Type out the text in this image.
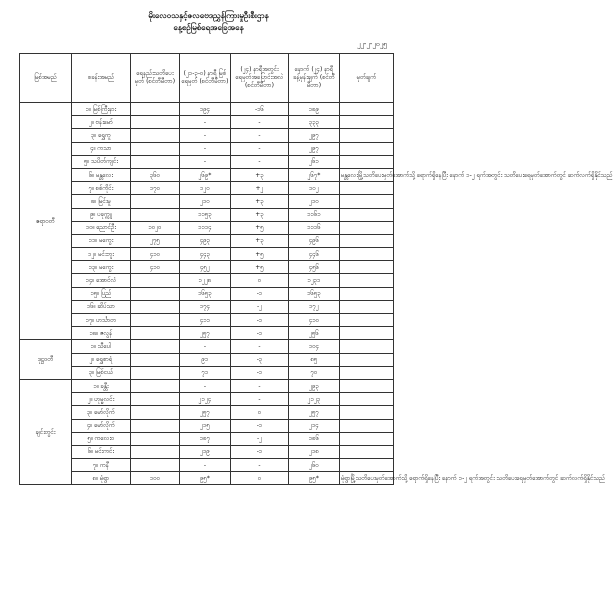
မိုးလေဝသနှင့်ဇလဗေဒညွှန်ကြားမှုဦးစီးဌာန
နေ့စဉ်မြစ်ရေအခြေအနေ
၂၂-၂-၂၀၂၅
မြစ်အမည်	စခန်းအမည်	ရေနည်းသတိပေးမှတ် (စင်တီမီတာ)	(၂၁-၃-၀) နာရီ မြစ်ရေမှတ် (စင်တီမီတာ)	(၂၄) နာရီအတွင်း ရေမှတ်အပြောင်းအလဲ (စင်တီမီတာ)	နောက် (၂၄) နာရီ ခန့်မှန်းချက် (စင်တီမီတာ)	မှတ်ချက်
ဧရာဝတီ	၁။ မြစ်ကြီးနား		၁၉၄	-၁၆	၁၈၉	
	၂။ ဗန်းမော်		-	-	၃၃၃	
	၃။ ရွှေကူ		-	-	၂၉၇	
	၄။ ကသာ		-	-	၂၉၇	
	၅။ သပိတ်ကျင်း		-	-	၂၆၁	
	၆။ မန္တလေး	၃၆၀	၂၆၉*	+၃	၂၆၇*	မန္တလေးမြို့သတိပေးမှတ်အောက်သို့ ရောက်ရှိနေပြီး နောက် ၁-၂ ရက်အတွင်း သတိပေးရေမှတ်အောက်တွင် ဆက်လက်ရှိနိုင်သည်
	၇။ စစ်ကိုင်း	၁၇၀	၁၂၀	+၂	၁၀၂	
	၈။ မြင်းမူ		၂၁၀	+၃	၂၁၀	
	၉။ ပခုက္ကူ		၁၁၅၃	+၃	၁၁၆၁	
	၁၀။ ညောင်ဦး	၁၀၂၀	၁၁၁၄	+၅	၁၁၁၆	
	၁၁။ မကွေး	၂၇၅	၄၉၃	+၃	၄၉၆	
	၁၂။ မင်းဘူး	၄၁၀	၄၄၃	+၅	၄၄၆	
	၁၃။ မကွေး	၄၁၀	၄၅၂	+၅	၄၅၆	
	၁၄။ အောင်လံ		၁၂၂၈	၀	၁၂၃၁	
	၁၅။ ပြည်		၁၆၅၃	-၁	၁၆၅၃	
	၁၆။ ဆိပ်သာ		၁၇၄	-၂	၁၇၂	
	၁၇။ ဟင်္သာတ		၄၁၁	-၁	၄၁၀	
	၁၈။ ဇလွန်		၂၅၇	-၁	၂၅၆	
ဒုဋ္ဌဝတီ	၁။ သီပေါ		-	-	၁၀၄	
	၂။ ရွှေစာရံ		၉၁	-၃	၈၅	
	၃။ မြစ်ငယ်		၇၁	-၁	၇၀	
ချင်းတွင်း	၁။ ခန္တီး		-	-	၂၉၃	
	၂။ ဟုမ္မလင်း		၂၁၂၄	-	၂၁၂၃	
	၃။ မော်လိုက်		၂၅၇	၀	၂၅၇	
	၄။ မော်လိုက်		၂၁၅	-၁	၂၁၄	
	၅။ ကလေးဝ		၁၈၇	-၂	၁၈၆	
	၆။ မင်းကင်း		၂၁၉	-၁	၂၁၈	
	၇။ ကနီ		-	-	၂၆၀	
	၈။ မုံရွာ	၁၀၀	၉၅*	၀	၉၅*	မုံရွာမြို့သတိပေးမှတ်အောက်သို့ ရောက်ရှိနေပြီး နောက် ၁-၂ ရက်အတွင်း သတိပေးရေမှတ်အောက်တွင် ဆက်လက်ရှိနိုင်သည်
